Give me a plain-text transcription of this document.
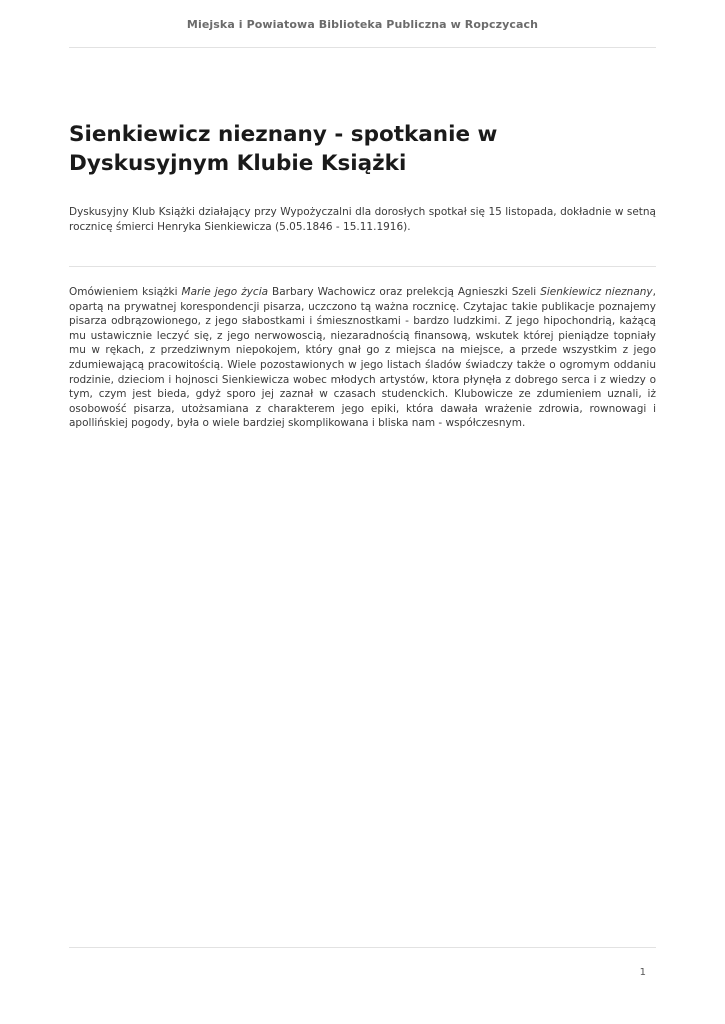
Miejska i Powiatowa Biblioteka Publiczna w Ropczycach
Sienkiewicz nieznany - spotkanie w Dyskusyjnym Klubie Książki

Dyskusyjny Klub Książki działający przy Wypożyczalni dla dorosłych spotkał się 15 listopada, dokładnie w setną rocznicę śmierci Henryka Sienkiewicza (5.05.1846 - 15.11.1916).

Omówieniem książki Marie jego życia Barbary Wachowicz oraz prelekcją Agnieszki Szeli Sienkiewicz nieznany, opartą na prywatnej korespondencji pisarza, uczczono tą ważna rocznicę. Czytajac takie publikacje poznajemy pisarza odbrązowionego, z jego słabostkami i śmiesznostkami - bardzo ludzkimi. Z jego hipochondrią, każącą mu ustawicznie leczyć się, z jego nerwowoscią, niezaradnością finansową, wskutek której pieniądze topniały mu w rękach, z przedziwnym niepokojem, który gnał go z miejsca na miejsce, a przede wszystkim z jego zdumiewającą pracowitością. Wiele pozostawionych w jego listach śladów świadczy także o ogromym oddaniu rodzinie, dzieciom i hojnosci Sienkiewicza wobec młodych artystów, ktora płynęła z dobrego serca i z wiedzy o tym, czym jest bieda, gdyż sporo jej zaznał w czasach studenckich. Klubowicze ze zdumieniem uznali, iż osobowość pisarza, utożsamiana z charakterem jego epiki, która dawała wrażenie zdrowia, rownowagi i apollińskiej pogody, była o wiele bardziej skomplikowana i bliska nam - współczesnym.

1
